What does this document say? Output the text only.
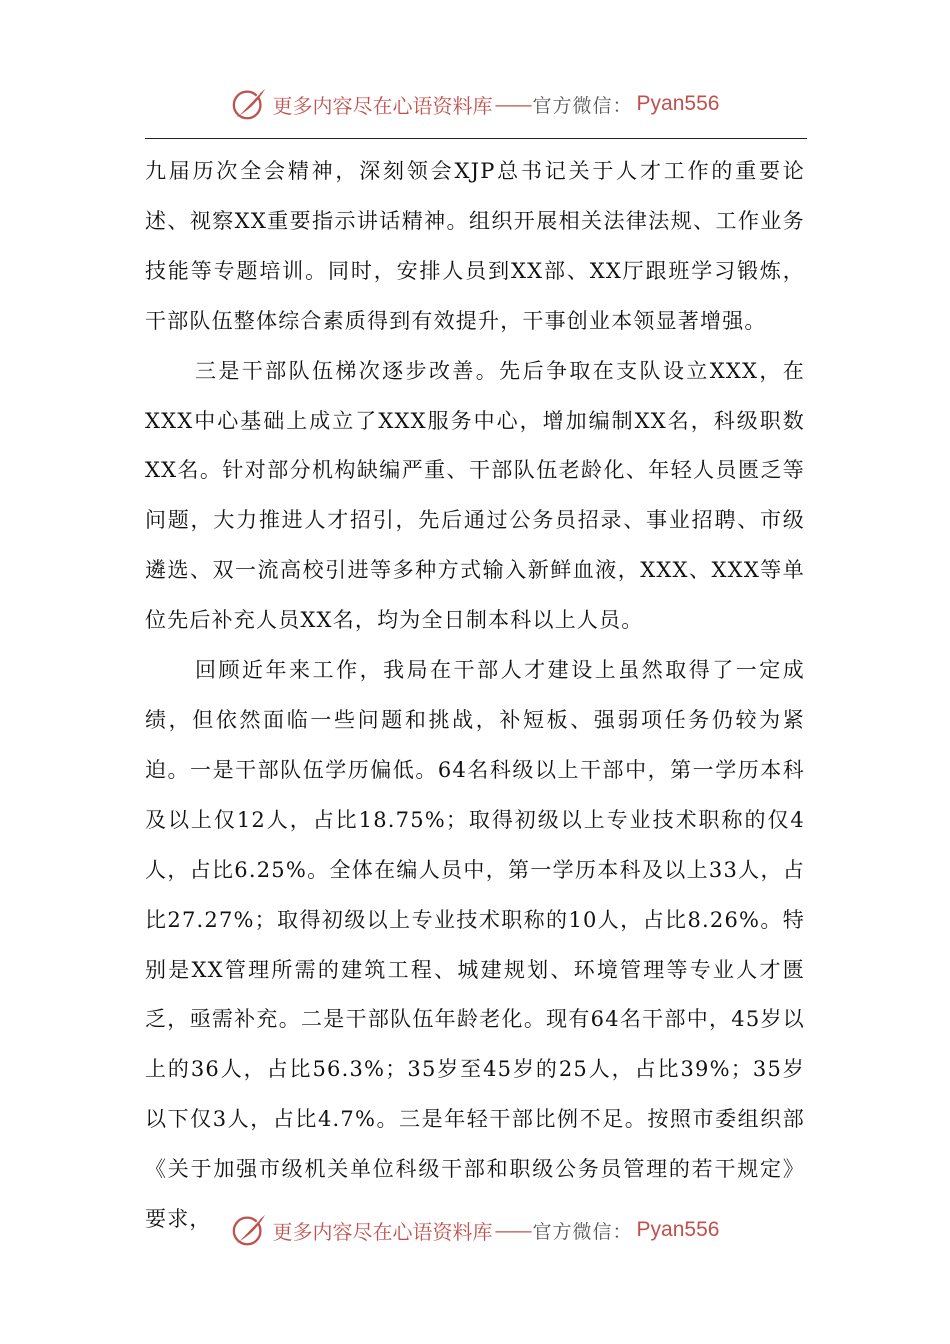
更多内容尽在心语资料库 —— 官方微信： Pyan556

九届历次全会精神，深刻领会XJP总书记关于人才工作的重要论述、视察XX重要指示讲话精神。组织开展相关法律法规、工作业务技能等专题培训。同时，安排人员到XX部、XX厅跟班学习锻炼，干部队伍整体综合素质得到有效提升，干事创业本领显著增强。

三是干部队伍梯次逐步改善。先后争取在支队设立XXX，在XXX中心基础上成立了XXX服务中心，增加编制XX名，科级职数XX名。针对部分机构缺编严重、干部队伍老龄化、年轻人员匮乏等问题，大力推进人才招引，先后通过公务员招录、事业招聘、市级遴选、双一流高校引进等多种方式输入新鲜血液，XXX、XXX等单位先后补充人员XX名，均为全日制本科以上人员。

回顾近年来工作，我局在干部人才建设上虽然取得了一定成绩，但依然面临一些问题和挑战，补短板、强弱项任务仍较为紧迫。一是干部队伍学历偏低。64名科级以上干部中，第一学历本科及以上仅12人，占比18.75%；取得初级以上专业技术职称的仅4人，占比6.25%。全体在编人员中，第一学历本科及以上33人，占比27.27%；取得初级以上专业技术职称的10人，占比8.26%。特别是XX管理所需的建筑工程、城建规划、环境管理等专业人才匮乏，亟需补充。二是干部队伍年龄老化。现有64名干部中，45岁以上的36人，占比56.3%；35岁至45岁的25人，占比39%；35岁以下仅3人，占比4.7%。三是年轻干部比例不足。按照市委组织部《关于加强市级机关单位科级干部和职级公务员管理的若干规定》要求，

更多内容尽在心语资料库 —— 官方微信： Pyan556
